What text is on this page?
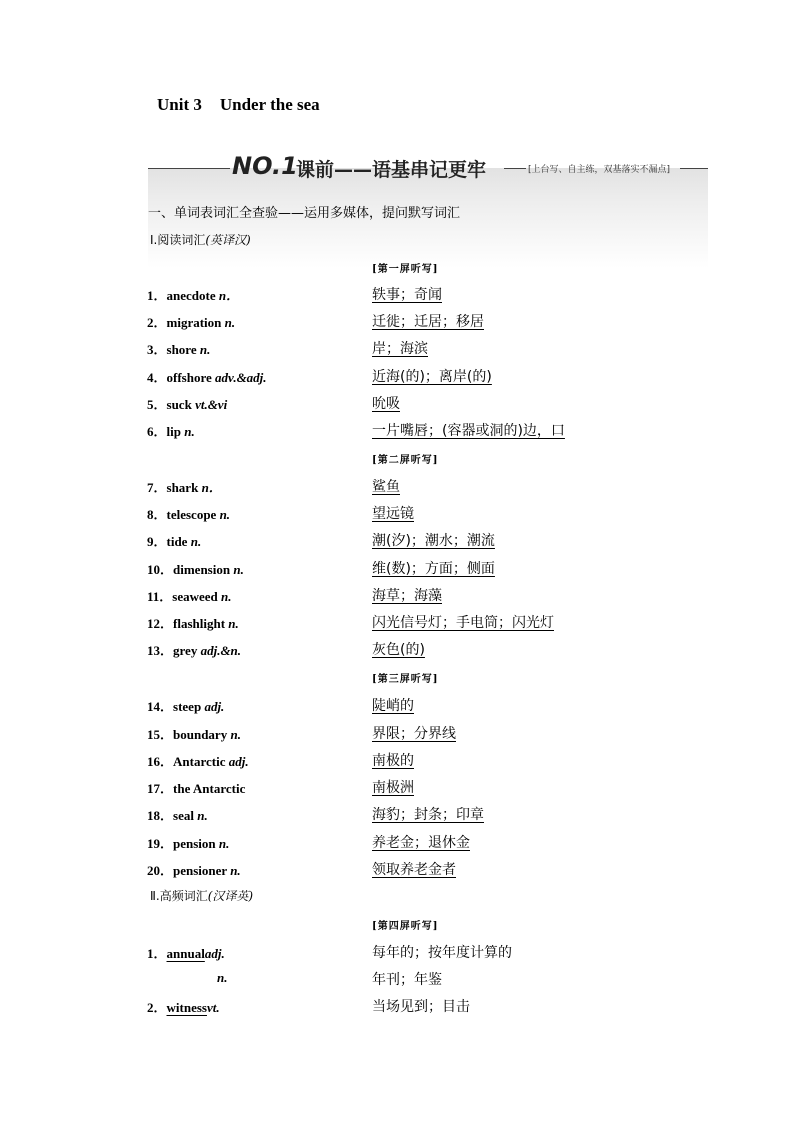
Unit 3 Under the sea
NO.1
课前——语基串记更牢	[上台写、自主练，双基落实不漏点]
一、单词表词汇全查验——运用多媒体，提问默写词汇
Ⅰ.阅读词汇(英译汉)
[第一屏听写]
1．anecdote n．	轶事；奇闻
2．migration n.	迁徙；迁居；移居
3．shore n.	岸；海滨
4．offshore adv.&adj.	近海(的)；离岸(的)
5．suck vt.&vi	吮吸
6．lip n.	一片嘴唇；(容器或洞的)边，口
[第二屏听写]
7．shark n．	鲨鱼
8．telescope n.	望远镜
9．tide n.	潮(汐)；潮水；潮流
10．dimension n.	维(数)；方面；侧面
11．seaweed n.	海草；海藻
12．flashlight n.	闪光信号灯；手电筒；闪光灯
13．grey adj.&n.	灰色(的)
[第三屏听写]
14．steep adj.	陡峭的
15．boundary n.	界限；分界线
16．Antarctic adj.	南极的
17．the Antarctic	南极洲
18．seal n.	海豹；封条；印章
19．pension n.	养老金；退休金
20．pensioner n.	领取养老金者
Ⅱ.高频词汇(汉译英)
[第四屏听写]
1．annualadj.	每年的；按年度计算的
n.	年刊；年鉴
2．witnessvt.	当场见到；目击
